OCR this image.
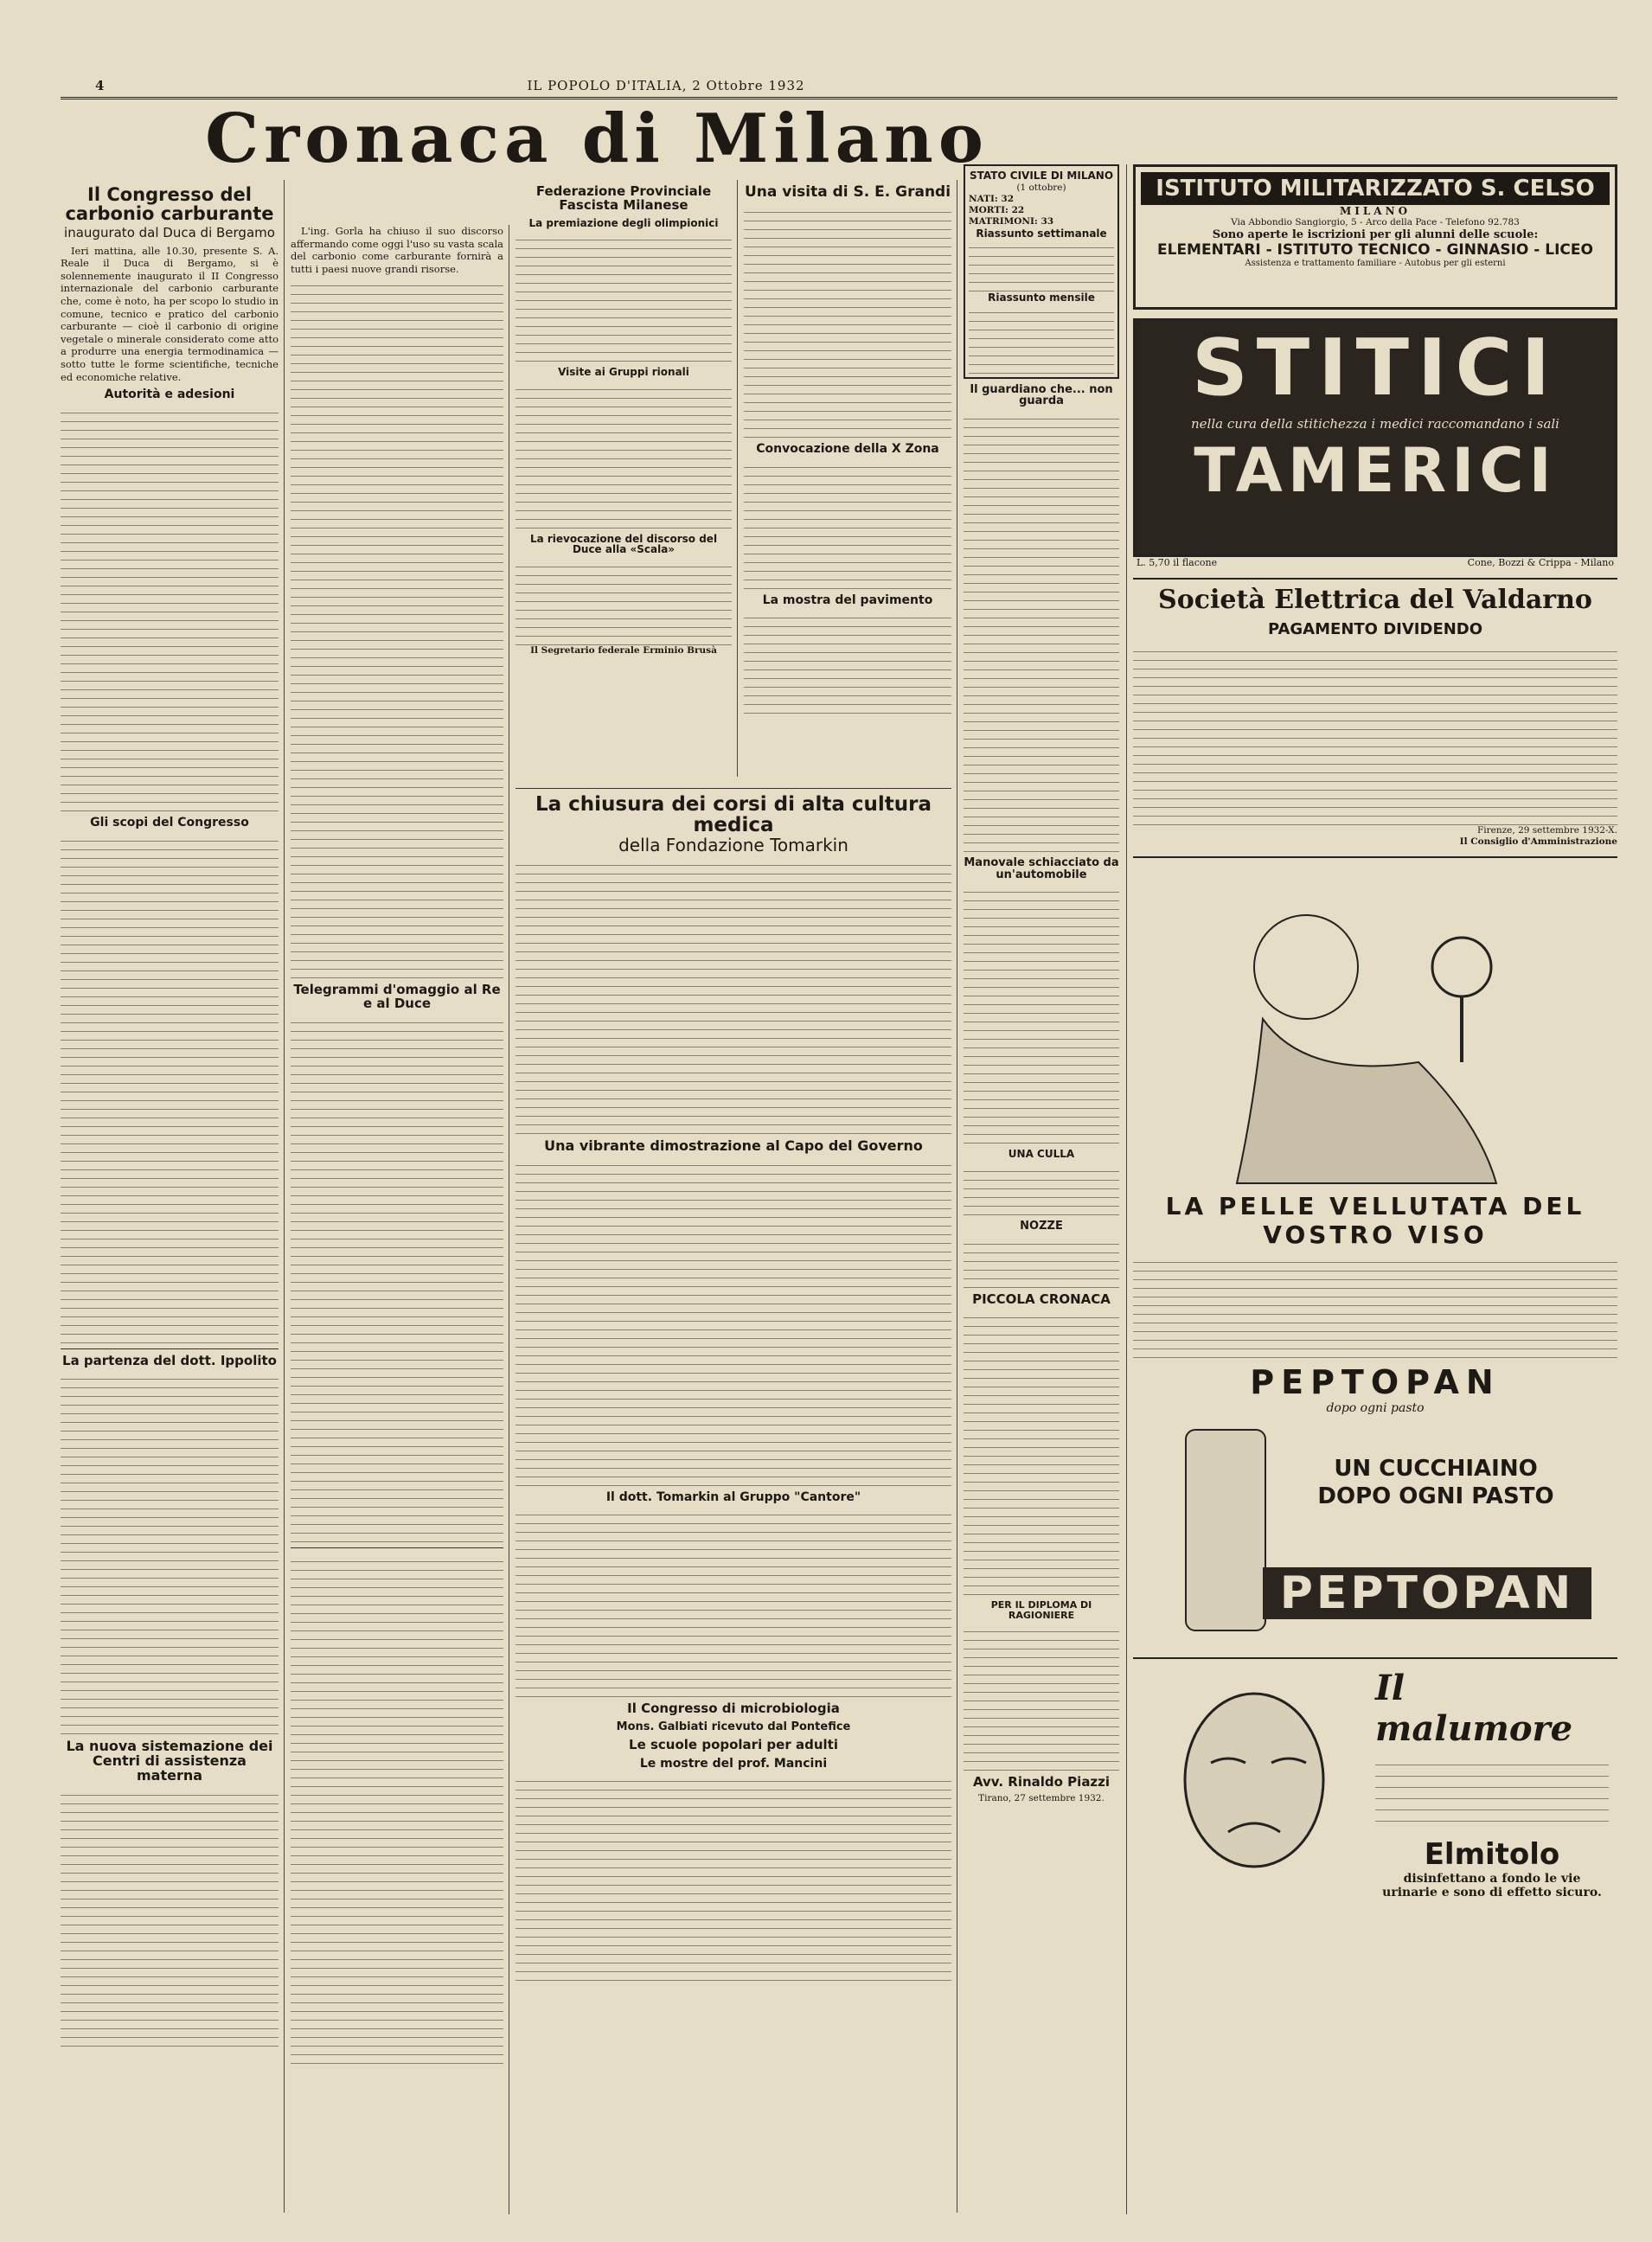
4	IL POPOLO D'ITALIA, 2 Ottobre 1932
Cronaca di Milano
Il Congresso del carbonio carburante
inaugurato dal Duca di Bergamo

Ieri mattina, alle 10.30, presente S. A. Reale il Duca di Bergamo, si è solennemente inaugurato il II Congresso internazionale del carbonio carburante che, come è noto, ha per scopo lo studio in comune, tecnico e pratico del carbonio carburante — cioè il carbonio di origine vegetale o minerale considerato come atto a produrre una energia termodinamica — sotto tutte le forme scientifiche, tecniche ed economiche relative.

Autorità e adesioni
Gli scopi del Congresso
La partenza del dott. Ippolito
La nuova sistemazione dei Centri di assistenza materna

L'ing. Gorla ha chiuso il suo discorso affermando come oggi l'uso su vasta scala del carbonio come carburante fornirà a tutti i paesi nuove grandi risorse.

Telegrammi d'omaggio al Re e al Duce
Federazione Provinciale Fascista Milanese
La premiazione degli olimpionici
Visite ai Gruppi rionali
La rievocazione del discorso del Duce alla «Scala»
Il Segretario federale Erminio Brusà
Una visita di S. E. Grandi
Convocazione della X Zona
La mostra del pavimento
La chiusura dei corsi di alta cultura medica
della Fondazione Tomarkin
Una vibrante dimostrazione al Capo del Governo
Il dott. Tomarkin al Gruppo "Cantore"
Il Congresso di microbiologia
Mons. Galbiati ricevuto dal Pontefice
Le scuole popolari per adulti
Le mostre del prof. Mancini
STATO CIVILE DI MILANO
(1 ottobre)
NATI: 32
MORTI: 22
MATRIMONI: 33
Riassunto settimanale
Riassunto mensile
Il guardiano che... non guarda
Manovale schiacciato da un'automobile
UNA CULLA
NOZZE
PICCOLA CRONACA
PER IL DIPLOMA DI RAGIONIERE
Avv. Rinaldo Piazzi
Tirano, 27 settembre 1932.
ISTITUTO MILITARIZZATO S. CELSO
MILANO
Via Abbondio Sangiorgio, 5 - Arco della Pace - Telefono 92.783
Sono aperte le iscrizioni per gli alunni delle scuole:
ELEMENTARI - ISTITUTO TECNICO - GINNASIO - LICEO
Assistenza e trattamento familiare - Autobus per gli esterni
STITICI
nella cura della stitichezza i medici raccomandano i sali
TAMERICI
L. 5,70 il flacone	Cone, Bozzi & Crippa - Milano
Società Elettrica del Valdarno
PAGAMENTO DIVIDENDO
Firenze, 29 settembre 1932-X.
Il Consiglio d'Amministrazione
LA PELLE VELLUTATA DEL VOSTRO VISO
PEPTOPAN
dopo ogni pasto
UN CUCCHIAINO DOPO OGNI PASTO
PEPTOPAN
Il malumore
Elmitolo
disinfettano a fondo le vie urinarie e sono di effetto sicuro.
